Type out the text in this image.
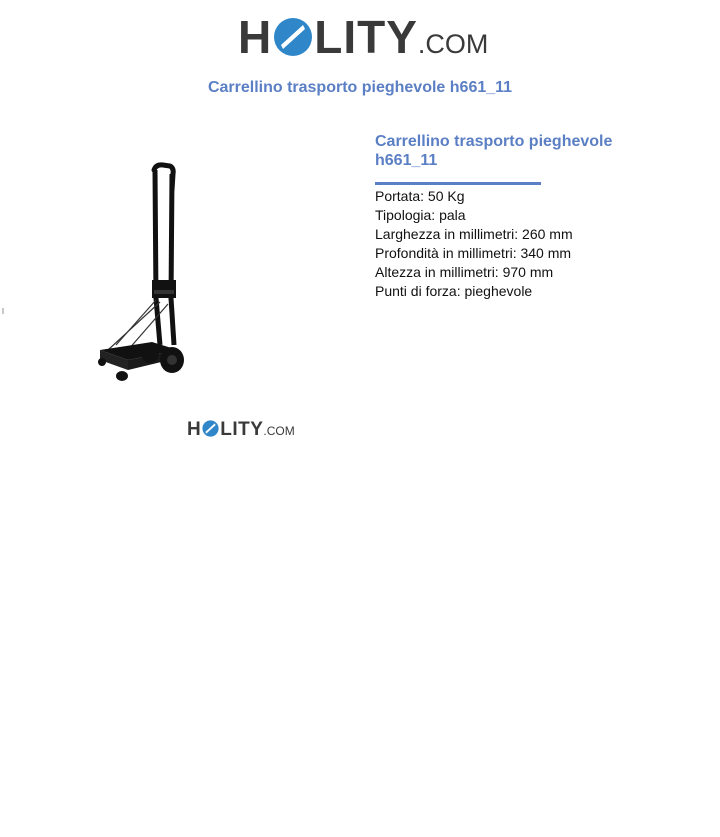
H LITY .COM
Carrellino trasporto pieghevole h661_11
H LITY .COM
Carrellino trasporto pieghevole h661_11
Portata: 50 Kg
Tipologia: pala
Larghezza in millimetri: 260 mm
Profondità in millimetri: 340 mm
Altezza in millimetri: 970 mm
Punti di forza: pieghevole
